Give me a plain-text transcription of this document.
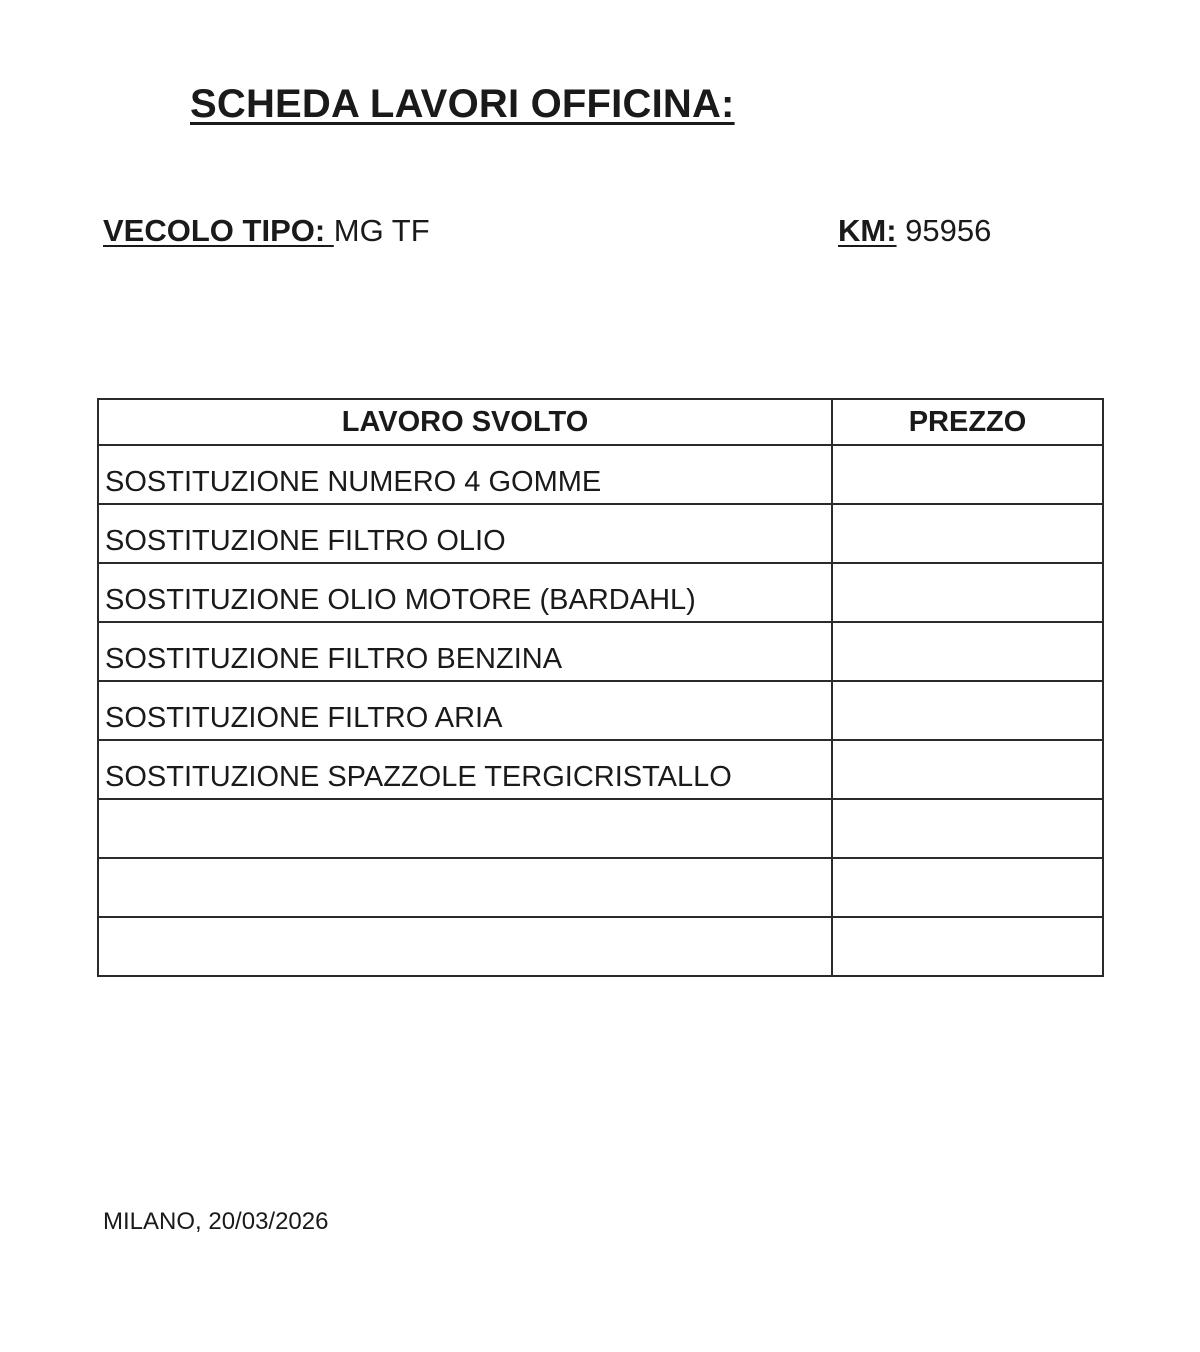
SCHEDA LAVORI OFFICINA:
VECOLO TIPO: MG TF	KM: 95956
LAVORO SVOLTO	PREZZO
SOSTITUZIONE NUMERO 4 GOMME	
SOSTITUZIONE FILTRO OLIO	
SOSTITUZIONE OLIO MOTORE (BARDAHL)	
SOSTITUZIONE FILTRO BENZINA	
SOSTITUZIONE FILTRO ARIA	
SOSTITUZIONE SPAZZOLE TERGICRISTALLO	

MILANO, 20/03/2026
